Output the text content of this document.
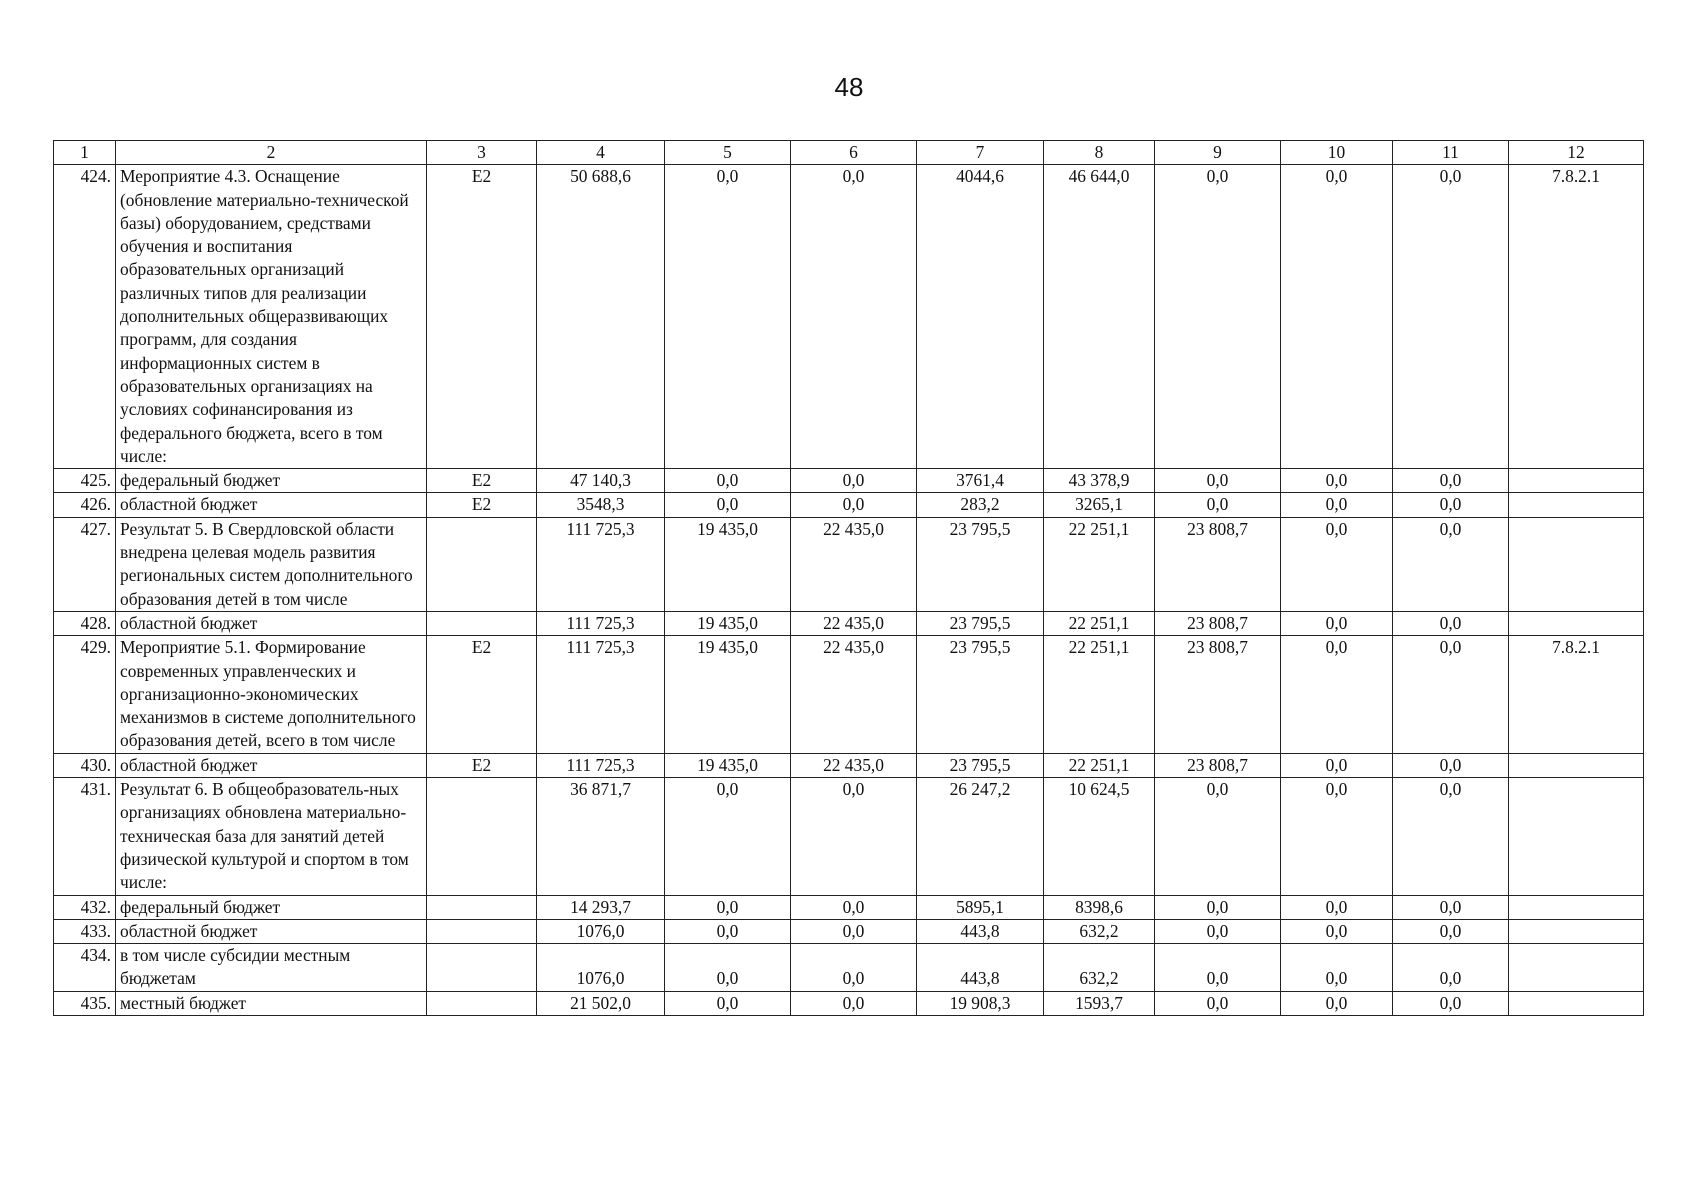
48
1	2	3	4	5	6	7	8	9	10	11	12
424.	Мероприятие 4.3. Оснащение (обновление материально-технической базы) оборудованием, средствами обучения и воспитания образовательных организаций различных типов для реализации дополнительных общеразвивающих программ, для создания информационных систем в образовательных организациях на условиях софинансирования из федерального бюджета, всего в том числе:	Е2	50 688,6	0,0	0,0	4044,6	46 644,0	0,0	0,0	0,0	7.8.2.1
425.	федеральный бюджет	Е2	47 140,3	0,0	0,0	3761,4	43 378,9	0,0	0,0	0,0	
426.	областной бюджет	Е2	3548,3	0,0	0,0	283,2	3265,1	0,0	0,0	0,0	
427.	Результат 5. В Свердловской области внедрена целевая модель развития региональных систем дополнительного образования детей в том числе		111 725,3	19 435,0	22 435,0	23 795,5	22 251,1	23 808,7	0,0	0,0	
428.	областной бюджет		111 725,3	19 435,0	22 435,0	23 795,5	22 251,1	23 808,7	0,0	0,0	
429.	Мероприятие 5.1. Формирование современных управленческих и организационно-экономических механизмов в системе дополнительного образования детей, всего в том числе	Е2	111 725,3	19 435,0	22 435,0	23 795,5	22 251,1	23 808,7	0,0	0,0	7.8.2.1
430.	областной бюджет	Е2	111 725,3	19 435,0	22 435,0	23 795,5	22 251,1	23 808,7	0,0	0,0	
431.	Результат 6. В общеобразователь-ных организациях обновлена материально-техническая база для занятий детей физической культурой и спортом в том числе:		36 871,7	0,0	0,0	26 247,2	10 624,5	0,0	0,0	0,0	
432.	федеральный бюджет		14 293,7	0,0	0,0	5895,1	8398,6	0,0	0,0	0,0	
433.	областной бюджет		1076,0	0,0	0,0	443,8	632,2	0,0	0,0	0,0	
434.	в том числе субсидии местным бюджетам		1076,0	0,0	0,0	443,8	632,2	0,0	0,0	0,0	
435.	местный бюджет		21 502,0	0,0	0,0	19 908,3	1593,7	0,0	0,0	0,0	
